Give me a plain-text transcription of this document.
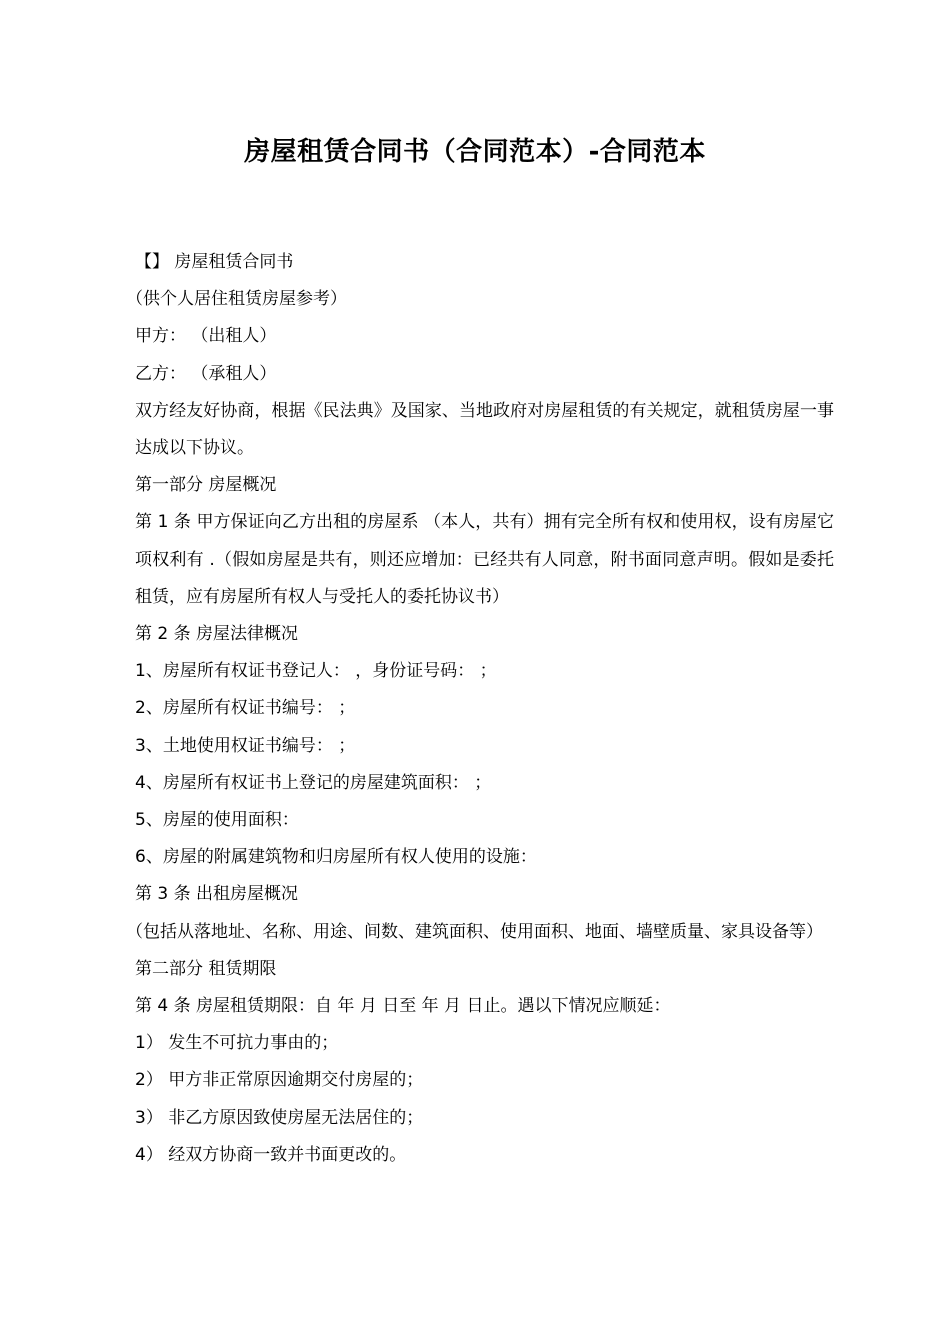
房屋租赁合同书（合同范本）-合同范本

【】 房屋租赁合同书

（供个人居住租赁房屋参考）

甲方： （出租人）

乙方： （承租人）

双方经友好协商，根据《民法典》及国家、当地政府对房屋租赁的有关规定，就租赁房屋一事达成以下协议。

第一部分 房屋概况

第 1 条 甲方保证向乙方出租的房屋系 （本人，共有）拥有完全所有权和使用权，设有房屋它项权利有 .（假如房屋是共有，则还应增加：已经共有人同意，附书面同意声明。假如是委托租赁，应有房屋所有权人与受托人的委托协议书）

第 2 条 房屋法律概况

1、房屋所有权证书登记人： ，身份证号码： ；

2、房屋所有权证书编号： ；

3、土地使用权证书编号： ；

4、房屋所有权证书上登记的房屋建筑面积： ；

5、房屋的使用面积：

6、房屋的附属建筑物和归房屋所有权人使用的设施：

第 3 条 出租房屋概况

（包括从落地址、名称、用途、间数、建筑面积、使用面积、地面、墙壁质量、家具设备等）

第二部分 租赁期限

第 4 条 房屋租赁期限：自 年 月 日至 年 月 日止。遇以下情况应顺延：

1） 发生不可抗力事由的；

2） 甲方非正常原因逾期交付房屋的；

3） 非乙方原因致使房屋无法居住的；

4） 经双方协商一致并书面更改的。
